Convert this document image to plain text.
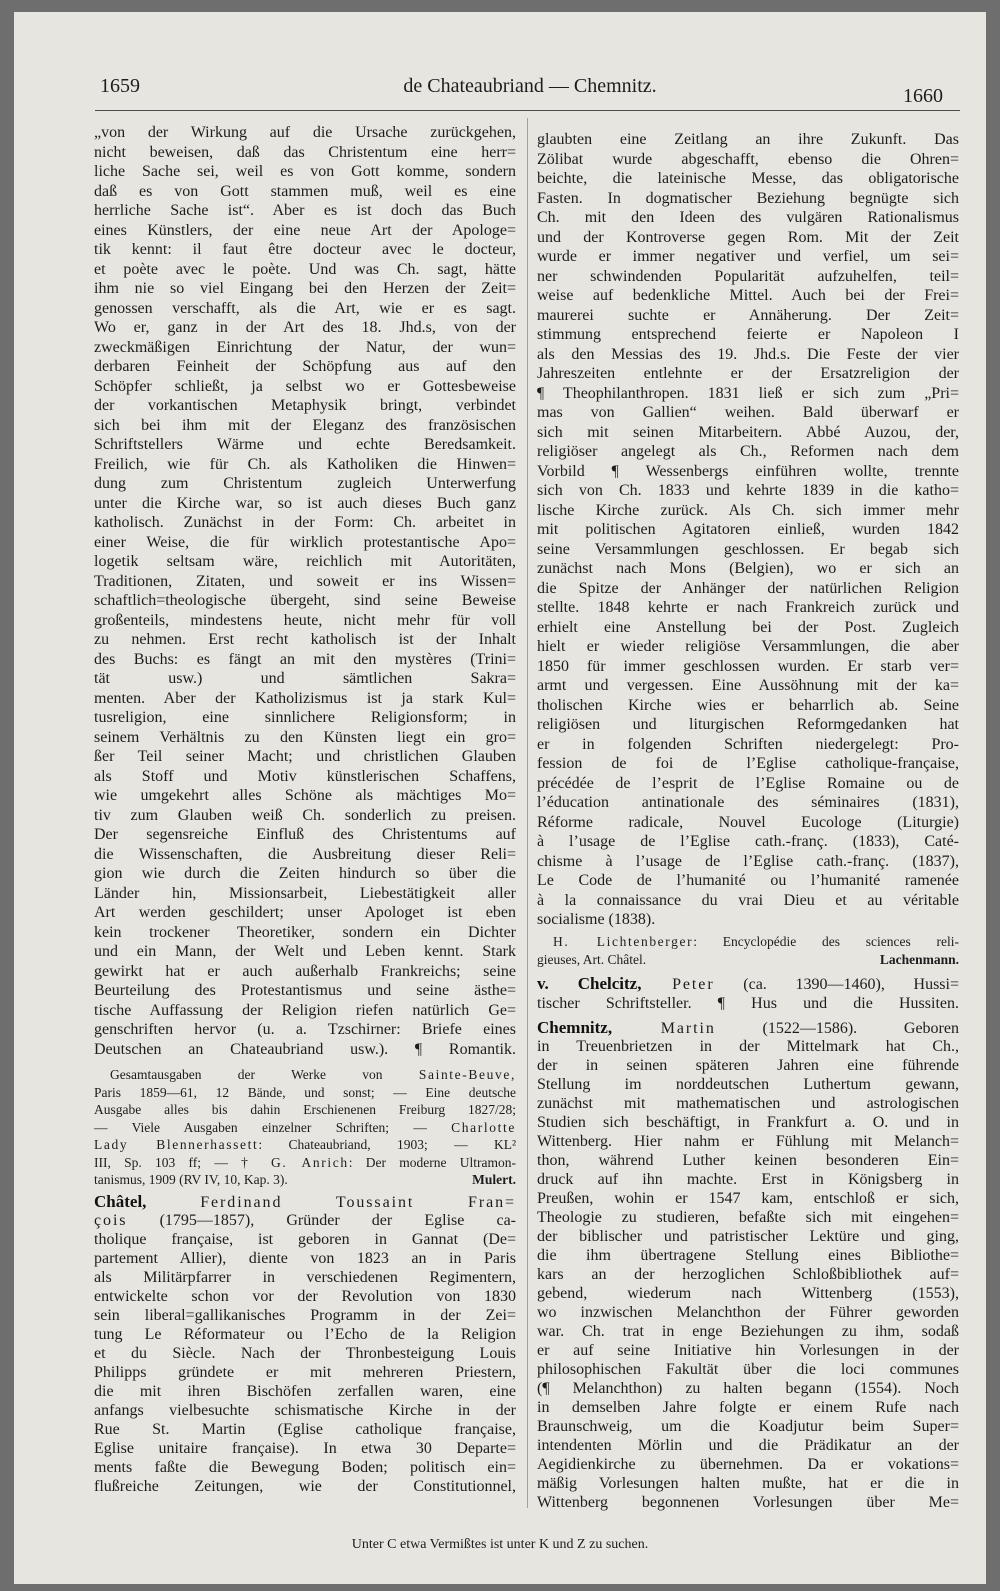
1659	de Chateaubriand — Chemnitz.	1660
„von der Wirkung auf die Ursache zurückgehen,
nicht beweisen, daß das Christentum eine herr=
liche Sache sei, weil es von Gott komme, sondern
daß es von Gott stammen muß, weil es eine
herrliche Sache ist“. Aber es ist doch das Buch
eines Künstlers, der eine neue Art der Apologe=
tik kennt: il faut être docteur avec le docteur,
et poète avec le poète. Und was Ch. sagt, hätte
ihm nie so viel Eingang bei den Herzen der Zeit=
genossen verschafft, als die Art, wie er es sagt.
Wo er, ganz in der Art des 18. Jhd.s, von der
zweckmäßigen Einrichtung der Natur, der wun=
derbaren Feinheit der Schöpfung aus auf den
Schöpfer schließt, ja selbst wo er Gottesbeweise
der vorkantischen Metaphysik bringt, verbindet
sich bei ihm mit der Eleganz des französischen
Schriftstellers Wärme und echte Beredsamkeit.
Freilich, wie für Ch. als Katholiken die Hinwen=
dung zum Christentum zugleich Unterwerfung
unter die Kirche war, so ist auch dieses Buch ganz
katholisch. Zunächst in der Form: Ch. arbeitet in
einer Weise, die für wirklich protestantische Apo=
logetik seltsam wäre, reichlich mit Autoritäten,
Traditionen, Zitaten, und soweit er ins Wissen=
schaftlich=theologische übergeht, sind seine Beweise
großenteils, mindestens heute, nicht mehr für voll
zu nehmen. Erst recht katholisch ist der Inhalt
des Buchs: es fängt an mit den mystères (Trini=
tät usw.) und sämtlichen Sakra=
menten. Aber der Katholizismus ist ja stark Kul=
tusreligion, eine sinnlichere Religionsform; in
seinem Verhältnis zu den Künsten liegt ein gro=
ßer Teil seiner Macht; und christlichen Glauben
als Stoff und Motiv künstlerischen Schaffens,
wie umgekehrt alles Schöne als mächtiges Mo=
tiv zum Glauben weiß Ch. sonderlich zu preisen.
Der segensreiche Einfluß des Christentums auf
die Wissenschaften, die Ausbreitung dieser Reli=
gion wie durch die Zeiten hindurch so über die
Länder hin, Missionsarbeit, Liebestätigkeit aller
Art werden geschildert; unser Apologet ist eben
kein trockener Theoretiker, sondern ein Dichter
und ein Mann, der Welt und Leben kennt. Stark
gewirkt hat er auch außerhalb Frankreichs; seine
Beurteilung des Protestantismus und seine ästhe=
tische Auffassung der Religion riefen natürlich Ge=
genschriften hervor (u. a. Tzschirner: Briefe eines
Deutschen an Chateaubriand usw.). ¶ Romantik.
Gesamtausgaben der Werke von Sainte-Beuve,
Paris 1859—61, 12 Bände, und sonst; — Eine deutsche
Ausgabe alles bis dahin Erschienenen Freiburg 1827/28;
— Viele Ausgaben einzelner Schriften; — Charlotte
Lady Blennerhassett: Chateaubriand, 1903; — KL²
III, Sp. 103 ff; — † G. Anrich: Der moderne Ultramon-
tanismus, 1909 (RV IV, 10, Kap. 3).	Mulert.
Châtel, Ferdinand Toussaint Fran=
çois (1795—1857), Gründer der Eglise ca-
tholique française, ist geboren in Gannat (De=
partement Allier), diente von 1823 an in Paris
als Militärpfarrer in verschiedenen Regimentern,
entwickelte schon vor der Revolution von 1830
sein liberal=gallikanisches Programm in der Zei=
tung Le Réformateur ou l’Echo de la Religion
et du Siècle. Nach der Thronbesteigung Louis
Philipps gründete er mit mehreren Priestern,
die mit ihren Bischöfen zerfallen waren, eine
anfangs vielbesuchte schismatische Kirche in der
Rue St. Martin (Eglise catholique française,
Eglise unitaire française). In etwa 30 Departe=
ments faßte die Bewegung Boden; politisch ein=
flußreiche Zeitungen, wie der Constitutionnel,
glaubten eine Zeitlang an ihre Zukunft. Das
Zölibat wurde abgeschafft, ebenso die Ohren=
beichte, die lateinische Messe, das obligatorische
Fasten. In dogmatischer Beziehung begnügte sich
Ch. mit den Ideen des vulgären Rationalismus
und der Kontroverse gegen Rom. Mit der Zeit
wurde er immer negativer und verfiel, um sei=
ner schwindenden Popularität aufzuhelfen, teil=
weise auf bedenkliche Mittel. Auch bei der Frei=
maurerei suchte er Annäherung. Der Zeit=
stimmung entsprechend feierte er Napoleon I
als den Messias des 19. Jhd.s. Die Feste der vier
Jahreszeiten entlehnte er der Ersatzreligion der
¶ Theophilanthropen. 1831 ließ er sich zum „Pri=
mas von Gallien“ weihen. Bald überwarf er
sich mit seinen Mitarbeitern. Abbé Auzou, der,
religiöser angelegt als Ch., Reformen nach dem
Vorbild ¶ Wessenbergs einführen wollte, trennte
sich von Ch. 1833 und kehrte 1839 in die katho=
lische Kirche zurück. Als Ch. sich immer mehr
mit politischen Agitatoren einließ, wurden 1842
seine Versammlungen geschlossen. Er begab sich
zunächst nach Mons (Belgien), wo er sich an
die Spitze der Anhänger der natürlichen Religion
stellte. 1848 kehrte er nach Frankreich zurück und
erhielt eine Anstellung bei der Post. Zugleich
hielt er wieder religiöse Versammlungen, die aber
1850 für immer geschlossen wurden. Er starb ver=
armt und vergessen. Eine Aussöhnung mit der ka=
tholischen Kirche wies er beharrlich ab. Seine
religiösen und liturgischen Reformgedanken hat
er in folgenden Schriften niedergelegt: Pro-
fession de foi de l’Eglise catholique-française,
précédée de l’esprit de l’Eglise Romaine ou de
l’éducation antinationale des séminaires (1831),
Réforme radicale, Nouvel Eucologe (Liturgie)
à l’usage de l’Eglise cath.-franç. (1833), Caté-
chisme à l’usage de l’Eglise cath.-franç. (1837),
Le Code de l’humanité ou l’humanité ramenée
à la connaissance du vrai Dieu et au véritable
socialisme (1838).
H. Lichtenberger: Encyclopédie des sciences reli-
gieuses, Art. Châtel.	Lachenmann.
v. Chelcitz, Peter (ca. 1390—1460), Hussi=
tischer Schriftsteller. ¶ Hus und die Hussiten.
Chemnitz, Martin (1522—1586). Geboren
in Treuenbrietzen in der Mittelmark hat Ch.,
der in seinen späteren Jahren eine führende
Stellung im norddeutschen Luthertum gewann,
zunächst mit mathematischen und astrologischen
Studien sich beschäftigt, in Frankfurt a. O. und in
Wittenberg. Hier nahm er Fühlung mit Melanch=
thon, während Luther keinen besonderen Ein=
druck auf ihn machte. Erst in Königsberg in
Preußen, wohin er 1547 kam, entschloß er sich,
Theologie zu studieren, befaßte sich mit eingehen=
der biblischer und patristischer Lektüre und ging,
die ihm übertragene Stellung eines Bibliothe=
kars an der herzoglichen Schloßbibliothek auf=
gebend, wiederum nach Wittenberg (1553),
wo inzwischen Melanchthon der Führer geworden
war. Ch. trat in enge Beziehungen zu ihm, sodaß
er auf seine Initiative hin Vorlesungen in der
philosophischen Fakultät über die loci communes
(¶ Melanchthon) zu halten begann (1554). Noch
in demselben Jahre folgte er einem Rufe nach
Braunschweig, um die Koadjutur beim Super=
intendenten Mörlin und die Prädikatur an der
Aegidienkirche zu übernehmen. Da er vokations=
mäßig Vorlesungen halten mußte, hat er die in
Wittenberg begonnenen Vorlesungen über Me=
Unter C etwa Vermißtes ist unter K und Z zu suchen.
